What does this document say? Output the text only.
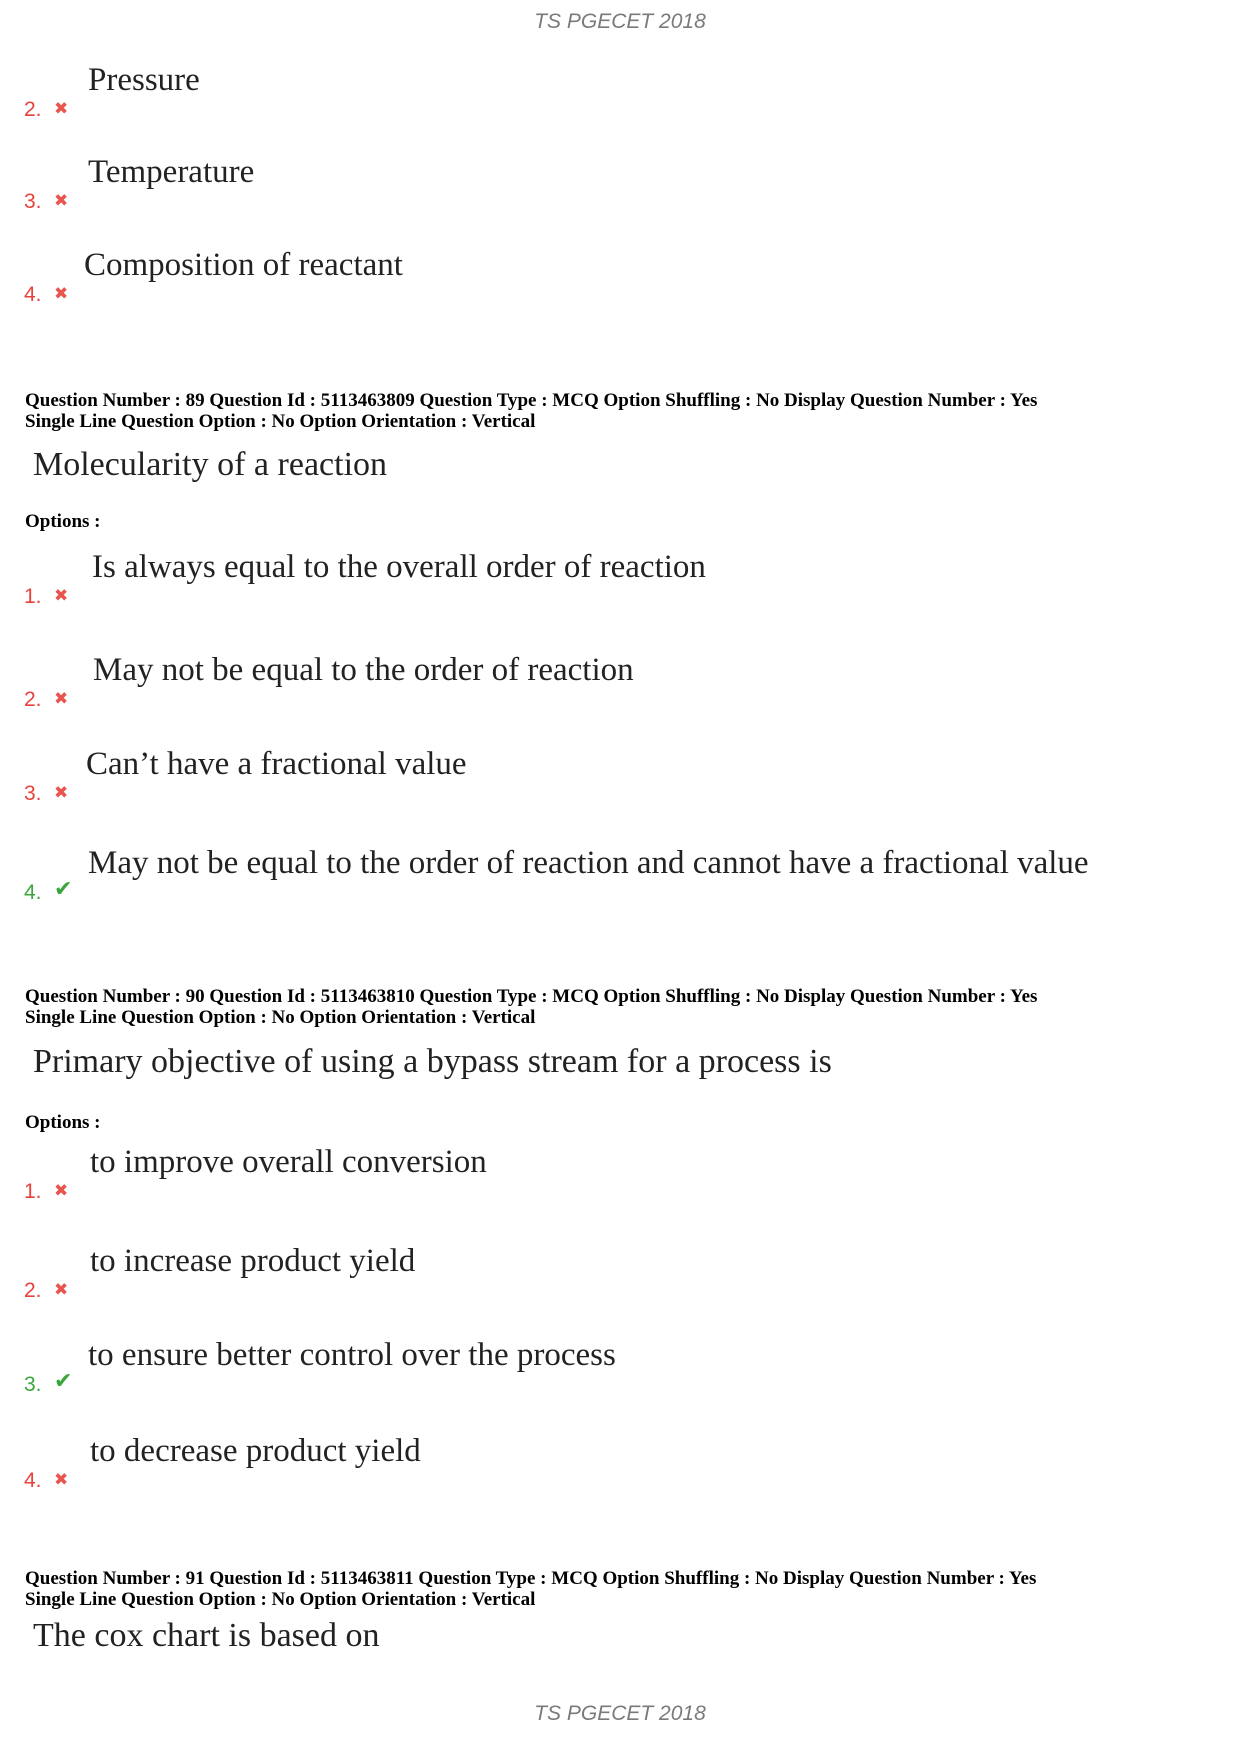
TS PGECET 2018
2. ✖
Pressure
3. ✖
Temperature
4. ✖
Composition of reactant
Question Number : 89 Question Id : 5113463809 Question Type : MCQ Option Shuffling : No Display Question Number : Yes
Single Line Question Option : No Option Orientation : Vertical
Molecularity of a reaction
Options :
1. ✖
Is always equal to the overall order of reaction
2. ✖
May not be equal to the order of reaction
3. ✖
Can’t have a fractional value
4. ✔
May not be equal to the order of reaction and cannot have a fractional value
Question Number : 90 Question Id : 5113463810 Question Type : MCQ Option Shuffling : No Display Question Number : Yes
Single Line Question Option : No Option Orientation : Vertical
Primary objective of using a bypass stream for a process is
Options :
1. ✖
to improve overall conversion
2. ✖
to increase product yield
3. ✔
to ensure better control over the process
4. ✖
to decrease product yield
Question Number : 91 Question Id : 5113463811 Question Type : MCQ Option Shuffling : No Display Question Number : Yes
Single Line Question Option : No Option Orientation : Vertical
The cox chart is based on
TS PGECET 2018
